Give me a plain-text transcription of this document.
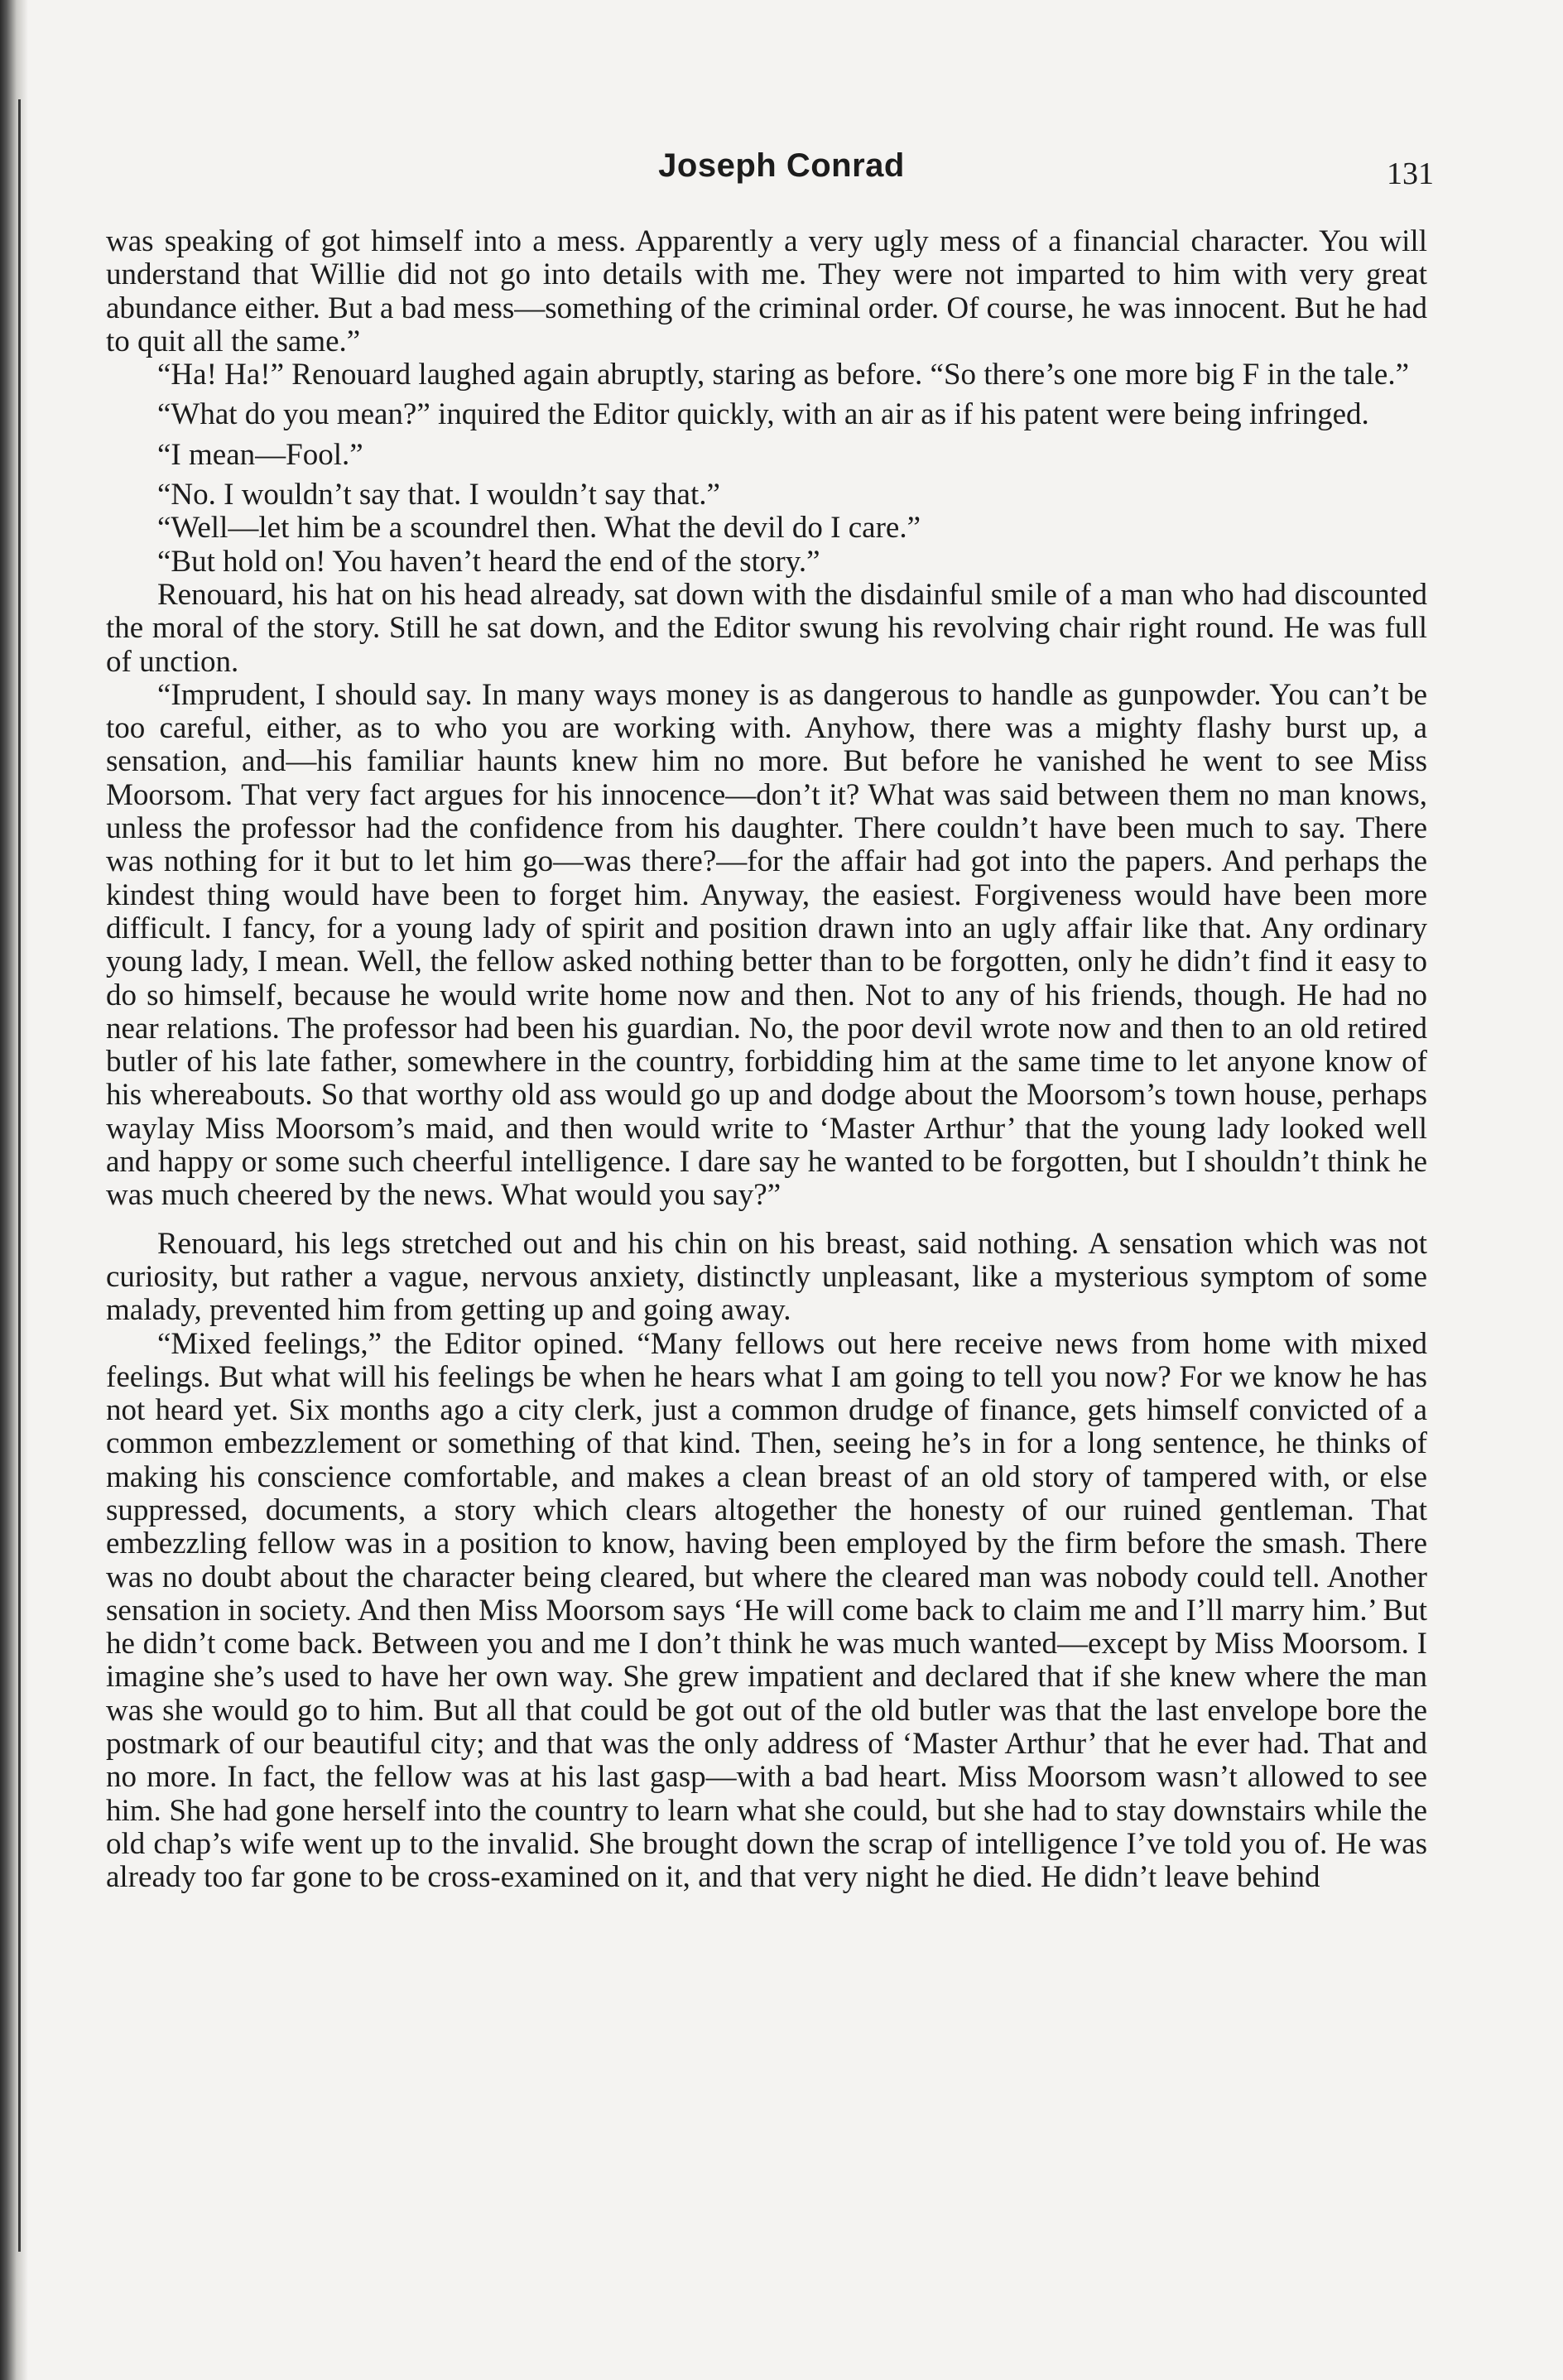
Joseph Conrad	131

was speaking of got himself into a mess. Apparently a very ugly mess of a financial character. You will understand that Willie did not go into details with me. They were not imparted to him with very great abundance either. But a bad mess—something of the criminal order. Of course, he was innocent. But he had to quit all the same.”

“Ha! Ha!” Renouard laughed again abruptly, staring as before. “So there’s one more big F in the tale.”

“What do you mean?” inquired the Editor quickly, with an air as if his patent were being infringed.

“I mean—Fool.”

“No. I wouldn’t say that. I wouldn’t say that.”

“Well—let him be a scoundrel then. What the devil do I care.”

“But hold on! You haven’t heard the end of the story.”

Renouard, his hat on his head already, sat down with the disdainful smile of a man who had discounted the moral of the story. Still he sat down, and the Editor swung his revolving chair right round. He was full of unction.

“Imprudent, I should say. In many ways money is as dangerous to handle as gunpowder. You can’t be too careful, either, as to who you are working with. Anyhow, there was a mighty flashy burst up, a sensation, and—his familiar haunts knew him no more. But before he vanished he went to see Miss Moorsom. That very fact argues for his innocence—don’t it? What was said between them no man knows, unless the professor had the confidence from his daughter. There couldn’t have been much to say. There was nothing for it but to let him go—was there?—for the affair had got into the papers. And perhaps the kindest thing would have been to forget him. Anyway, the easiest. Forgiveness would have been more difficult. I fancy, for a young lady of spirit and position drawn into an ugly affair like that. Any ordinary young lady, I mean. Well, the fellow asked nothing better than to be forgotten, only he didn’t find it easy to do so himself, because he would write home now and then. Not to any of his friends, though. He had no near relations. The professor had been his guardian. No, the poor devil wrote now and then to an old retired butler of his late father, somewhere in the country, forbidding him at the same time to let anyone know of his whereabouts. So that worthy old ass would go up and dodge about the Moorsom’s town house, perhaps waylay Miss Moorsom’s maid, and then would write to ‘Master Arthur’ that the young lady looked well and happy or some such cheerful intelligence. I dare say he wanted to be forgotten, but I shouldn’t think he was much cheered by the news. What would you say?”

Renouard, his legs stretched out and his chin on his breast, said nothing. A sensation which was not curiosity, but rather a vague, nervous anxiety, distinctly unpleasant, like a mysterious symptom of some malady, prevented him from getting up and going away.

“Mixed feelings,” the Editor opined. “Many fellows out here receive news from home with mixed feelings. But what will his feelings be when he hears what I am going to tell you now? For we know he has not heard yet. Six months ago a city clerk, just a common drudge of finance, gets himself convicted of a common embezzlement or something of that kind. Then, seeing he’s in for a long sentence, he thinks of making his conscience comfortable, and makes a clean breast of an old story of tampered with, or else suppressed, documents, a story which clears altogether the honesty of our ruined gentleman. That embezzling fellow was in a position to know, having been employed by the firm before the smash. There was no doubt about the character being cleared, but where the cleared man was nobody could tell. Another sensation in society. And then Miss Moorsom says ‘He will come back to claim me and I’ll marry him.’ But he didn’t come back. Between you and me I don’t think he was much wanted—except by Miss Moorsom. I imagine she’s used to have her own way. She grew impatient and declared that if she knew where the man was she would go to him. But all that could be got out of the old butler was that the last envelope bore the postmark of our beautiful city; and that was the only address of ‘Master Arthur’ that he ever had. That and no more. In fact, the fellow was at his last gasp—with a bad heart. Miss Moorsom wasn’t allowed to see him. She had gone herself into the country to learn what she could, but she had to stay downstairs while the old chap’s wife went up to the invalid. She brought down the scrap of intelligence I’ve told you of. He was already too far gone to be cross-examined on it, and that very night he died. He didn’t leave behind
